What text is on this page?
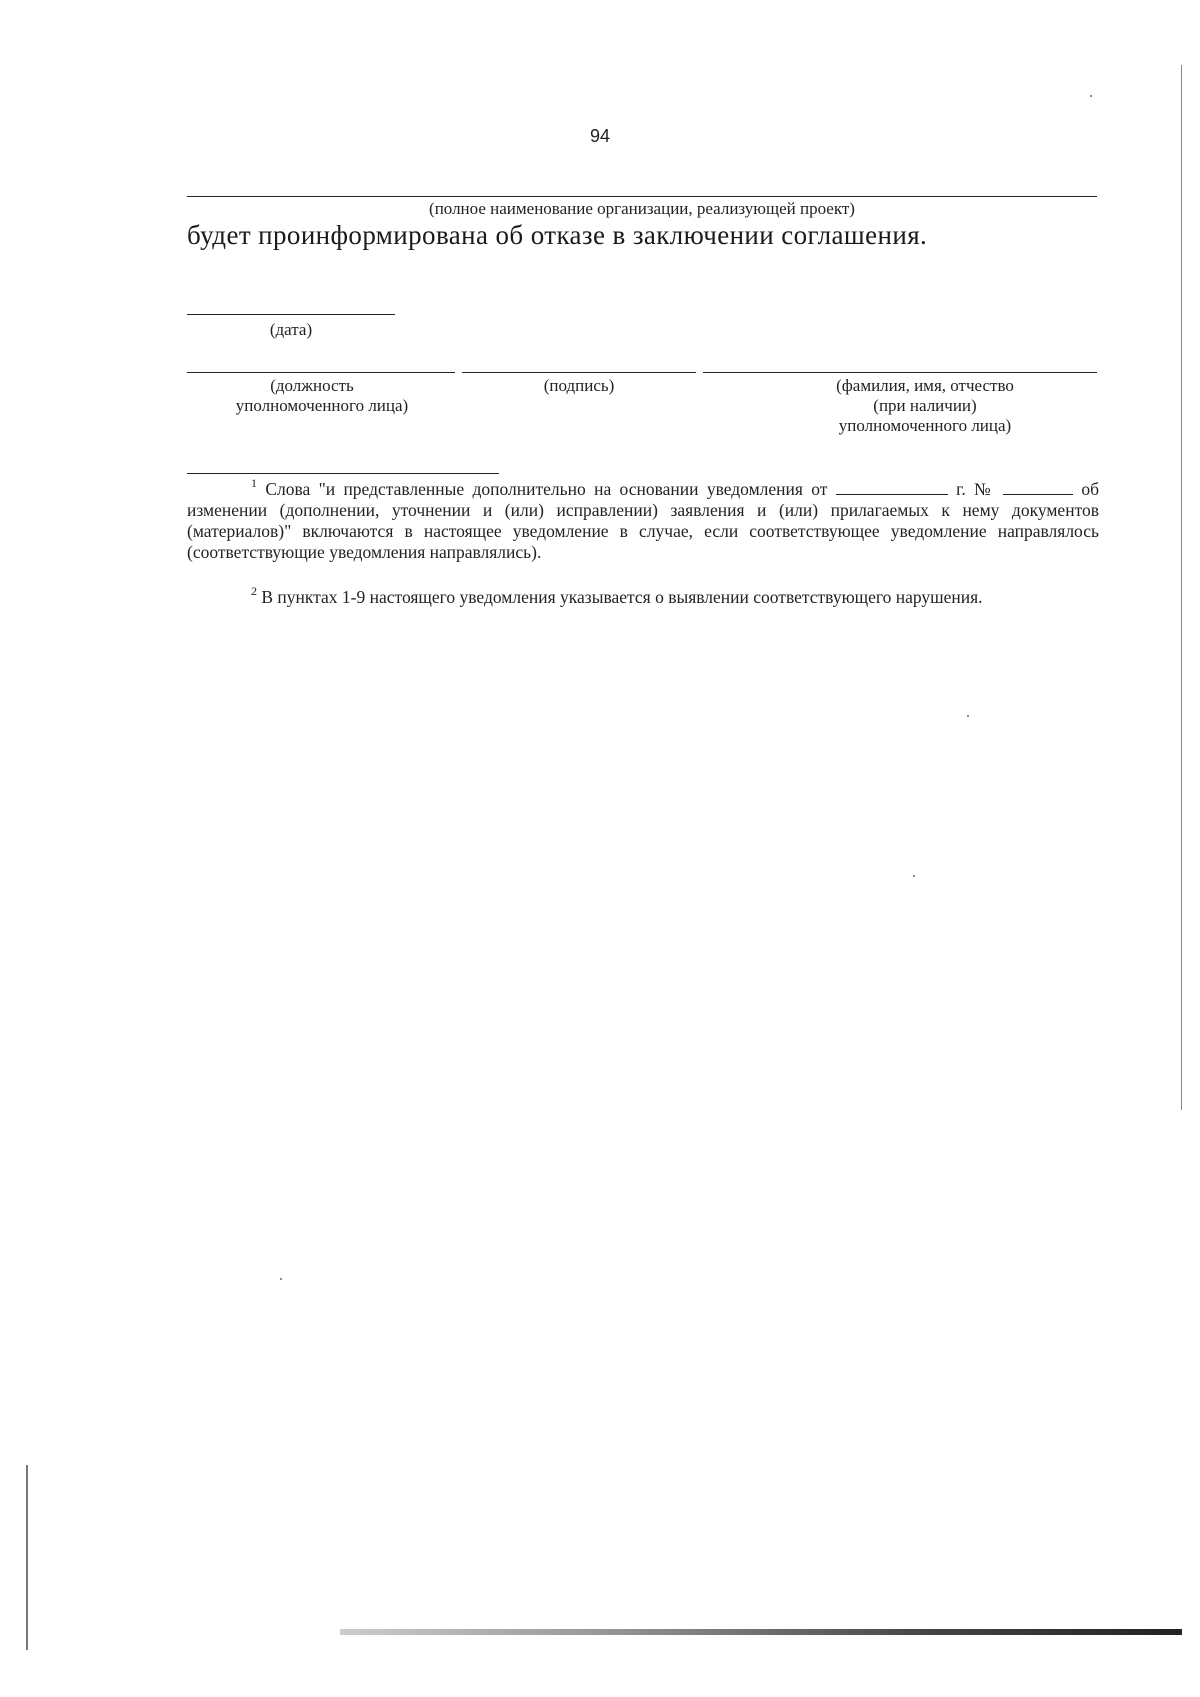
94
(полное наименование организации, реализующей проект)
будет проинформирована об отказе в заключении соглашения.
(дата)
(должность
уполномоченного лица)
(подпись)	(фамилия, имя, отчество
(при наличии)
уполномоченного лица)
$^1$ Слова "и представленные дополнительно на основании уведомления от	г. №	об изменении (дополнении, уточнении и (или) исправлении) заявления и (или) прилагаемых к нему документов (материалов)" включаются в настоящее уведомление в случае, если соответствующее уведомление направлялось (соответствующие уведомления направлялись).
$^2$ В пунктах 1-9 настоящего уведомления указывается о выявлении соответствующего нарушения.
